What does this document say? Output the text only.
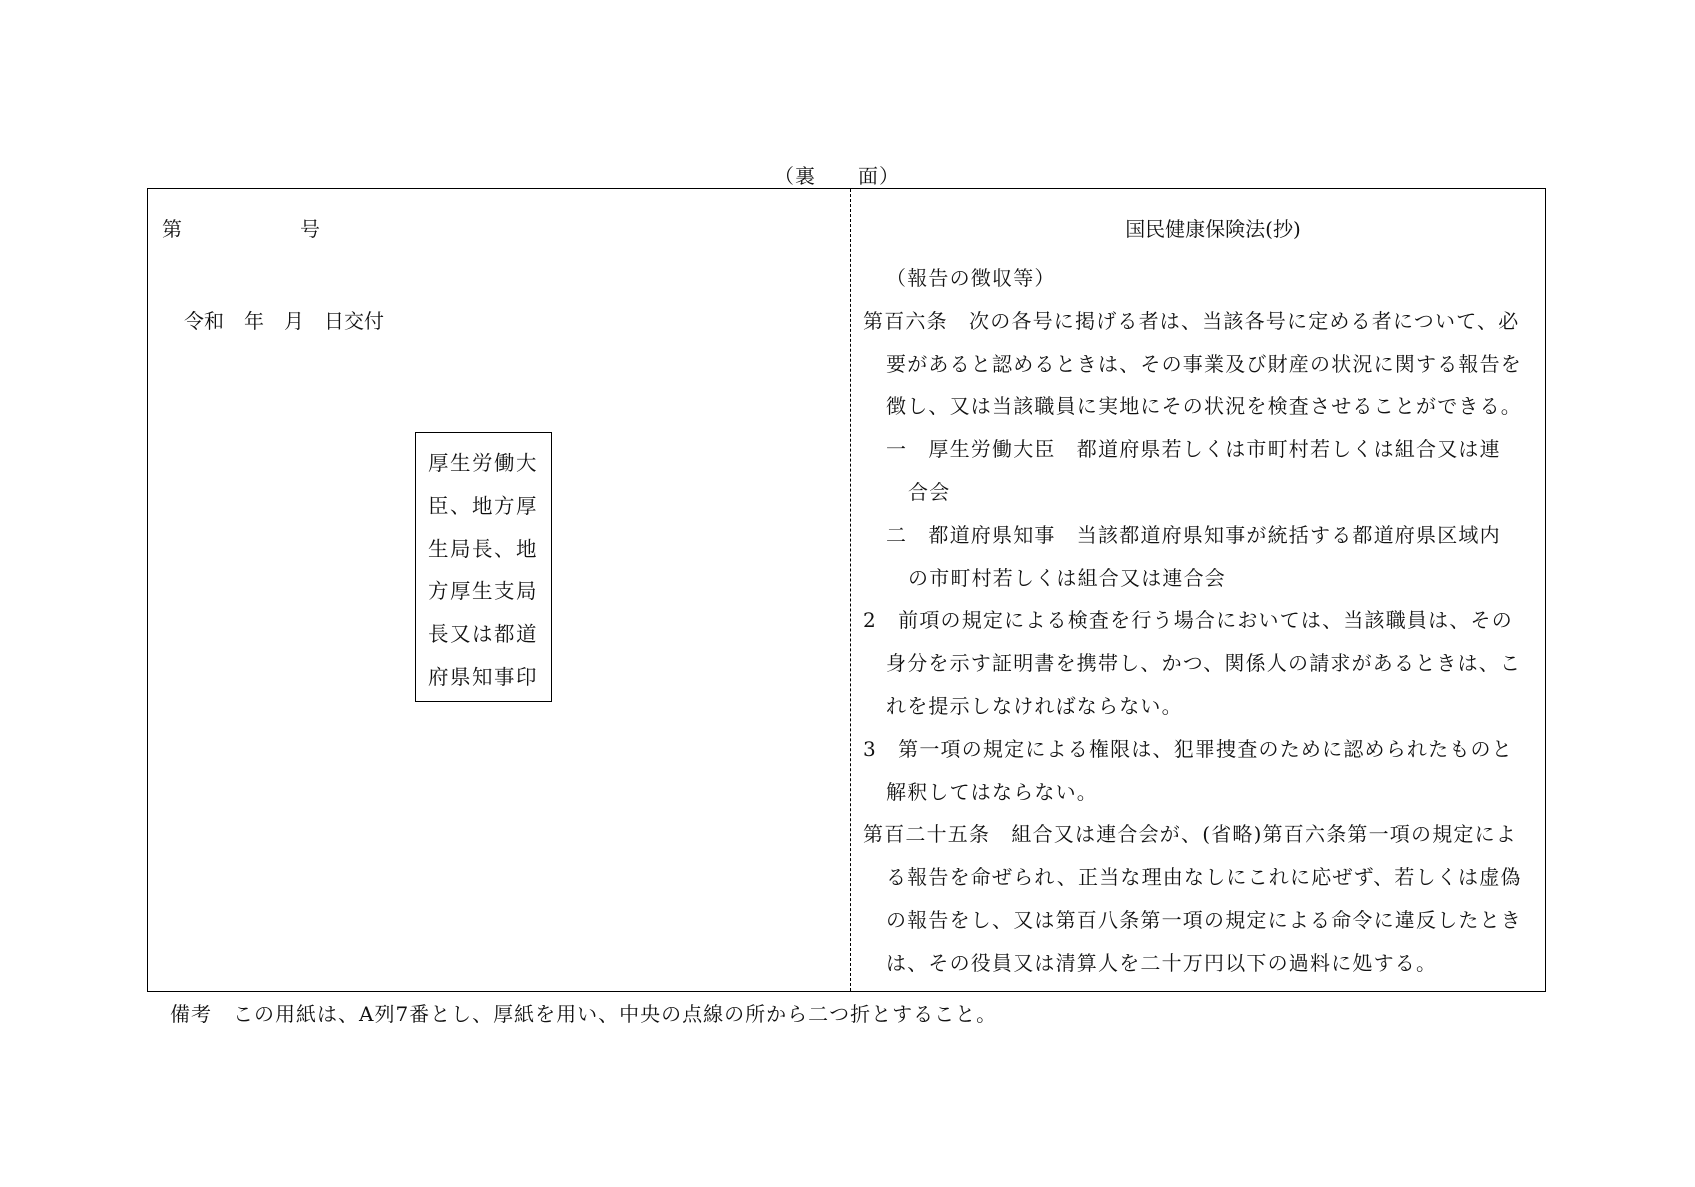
（裏　　面）
第	号
令和　年　月　日交付
厚生労働大
臣、地方厚
生局長、地
方厚生支局
長又は都道
府県知事印
国民健康保険法(抄)
（報告の徴収等）
第百六条　次の各号に掲げる者は、当該各号に定める者について、必
要があると認めるときは、その事業及び財産の状況に関する報告を
徴し、又は当該職員に実地にその状況を検査させることができる。
一　厚生労働大臣　都道府県若しくは市町村若しくは組合又は連
合会
二　都道府県知事　当該都道府県知事が統括する都道府県区域内
の市町村若しくは組合又は連合会
2　前項の規定による検査を行う場合においては、当該職員は、その
身分を示す証明書を携帯し、かつ、関係人の請求があるときは、こ
れを提示しなければならない。
3　第一項の規定による権限は、犯罪捜査のために認められたものと
解釈してはならない。
第百二十五条　組合又は連合会が、(省略)第百六条第一項の規定によ
る報告を命ぜられ、正当な理由なしにこれに応ぜず、若しくは虚偽
の報告をし、又は第百八条第一項の規定による命令に違反したとき
は、その役員又は清算人を二十万円以下の過料に処する。
備考　この用紙は、A列7番とし、厚紙を用い、中央の点線の所から二つ折とすること。
